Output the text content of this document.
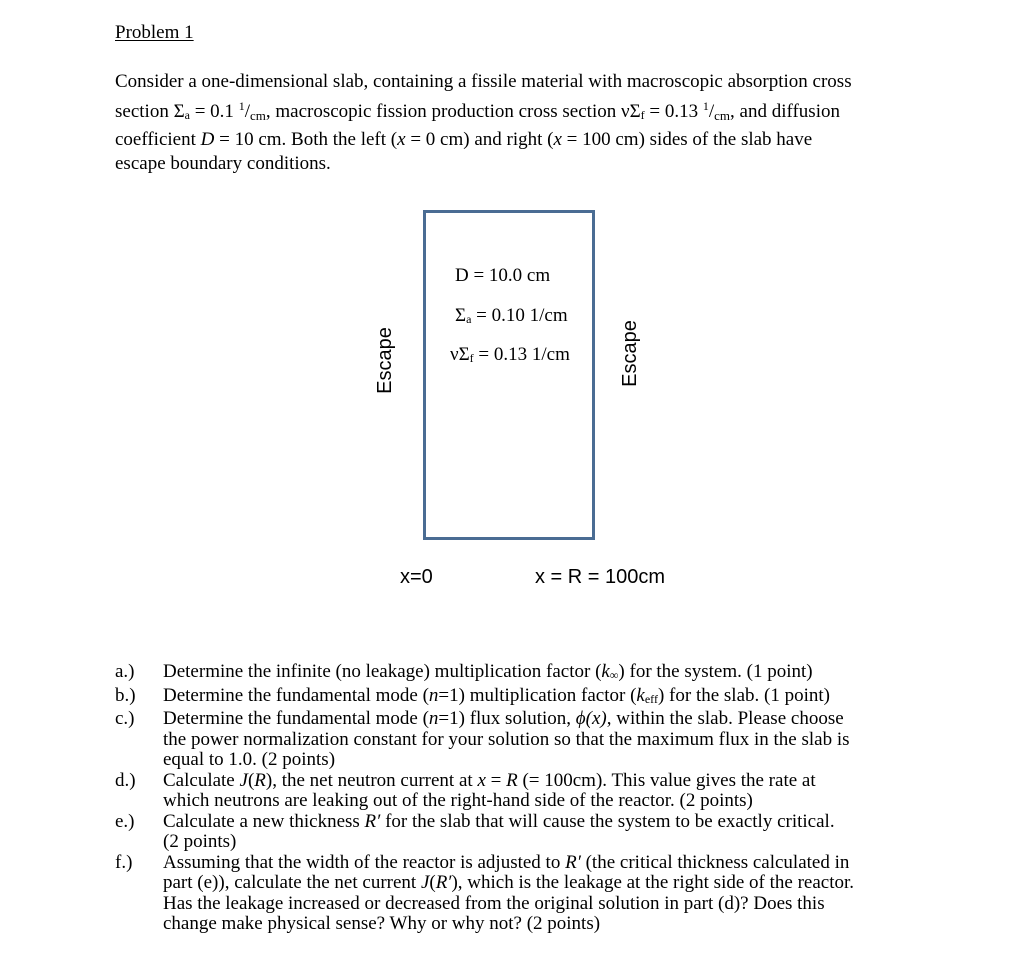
Problem 1
Consider a one-dimensional slab, containing a fissile material with macroscopic absorption cross
section Σa = 0.1 $^1$/cm, macroscopic fission production cross section νΣf = 0.13 $^1$/cm, and diffusion
coefficient D = 10 cm. Both the left (x = 0 cm) and right (x = 100 cm) sides of the slab have
escape boundary conditions.
D = 10.0 cm
Σa = 0.10 1/cm
νΣf = 0.13 1/cm
Escape	Escape
x=0	x = R = 100cm
a.)	Determine the infinite (no leakage) multiplication factor (k∞) for the system. (1 point)
b.)	Determine the fundamental mode (n=1) multiplication factor (keff) for the slab. (1 point)
c.)	Determine the fundamental mode (n=1) flux solution, ϕ(x), within the slab. Please choose
the power normalization constant for your solution so that the maximum flux in the slab is
equal to 1.0. (2 points)
d.)	Calculate J(R), the net neutron current at x = R (= 100cm). This value gives the rate at
which neutrons are leaking out of the right-hand side of the reactor. (2 points)
e.)	Calculate a new thickness R′ for the slab that will cause the system to be exactly critical.
(2 points)
f.)	Assuming that the width of the reactor is adjusted to R′ (the critical thickness calculated in
part (e)), calculate the net current J(R′), which is the leakage at the right side of the reactor.
Has the leakage increased or decreased from the original solution in part (d)? Does this
change make physical sense? Why or why not? (2 points)
